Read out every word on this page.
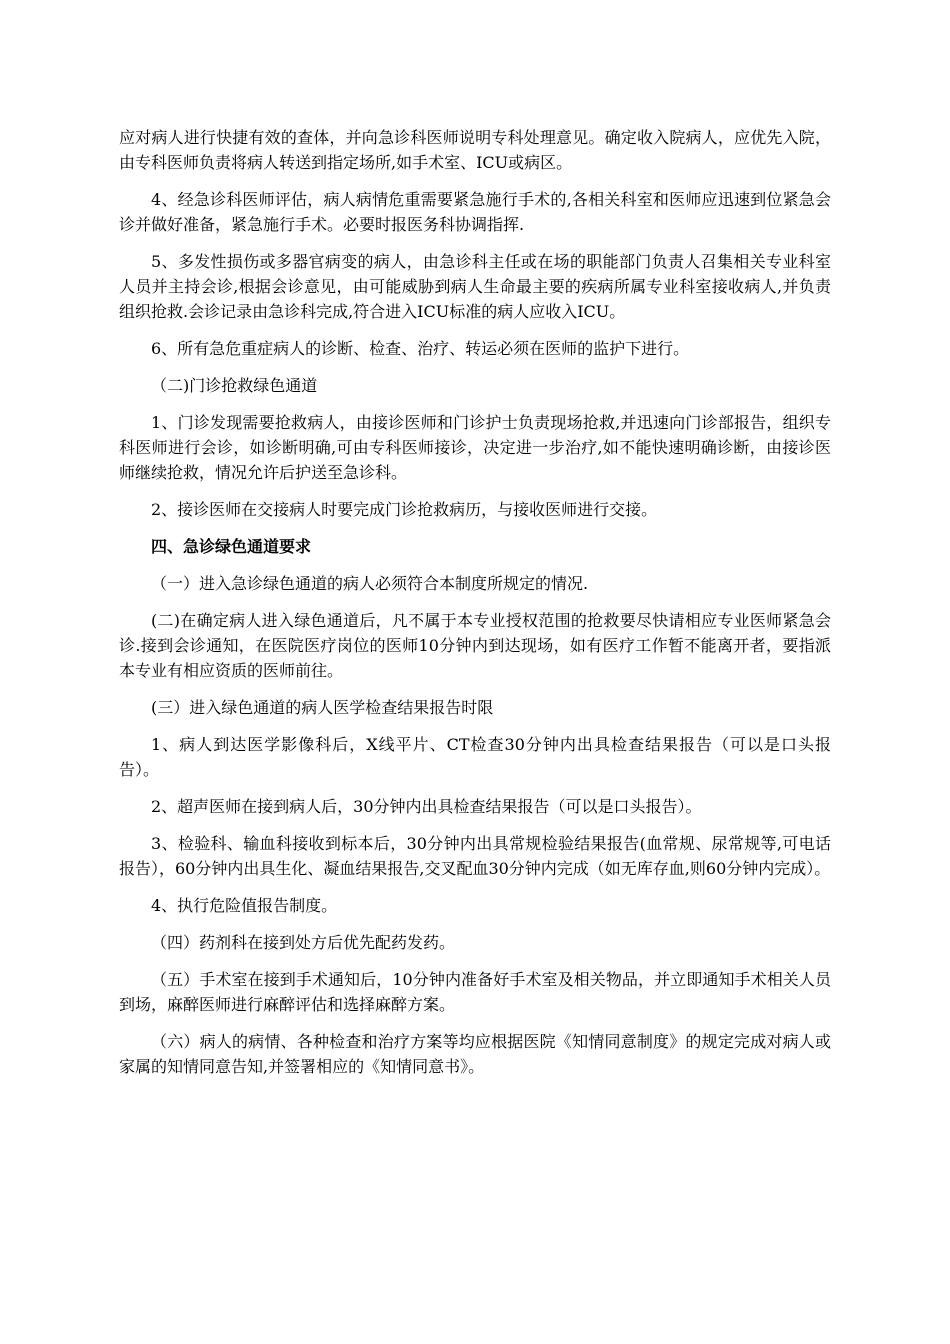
应对病人进行快捷有效的查体，并向急诊科医师说明专科处理意见。确定收入院病人，应优先入院，由专科医师负责将病人转送到指定场所,如手术室、ICU或病区。

4、经急诊科医师评估，病人病情危重需要紧急施行手术的,各相关科室和医师应迅速到位紧急会诊并做好准备，紧急施行手术。必要时报医务科协调指挥.

5、多发性损伤或多器官病变的病人，由急诊科主任或在场的职能部门负责人召集相关专业科室人员并主持会诊,根据会诊意见，由可能威胁到病人生命最主要的疾病所属专业科室接收病人,并负责组织抢救.会诊记录由急诊科完成,符合进入ICU标准的病人应收入ICU。

6、所有急危重症病人的诊断、检查、治疗、转运必须在医师的监护下进行。

（二)门诊抢救绿色通道

1、门诊发现需要抢救病人，由接诊医师和门诊护士负责现场抢救,并迅速向门诊部报告，组织专科医师进行会诊，如诊断明确,可由专科医师接诊，决定进一步治疗,如不能快速明确诊断，由接诊医师继续抢救，情况允许后护送至急诊科。

2、接诊医师在交接病人时要完成门诊抢救病历，与接收医师进行交接。

四、急诊绿色通道要求

（一）进入急诊绿色通道的病人必须符合本制度所规定的情况.

(二)在确定病人进入绿色通道后，凡不属于本专业授权范围的抢救要尽快请相应专业医师紧急会诊.接到会诊通知，在医院医疗岗位的医师10分钟内到达现场，如有医疗工作暂不能离开者，要指派本专业有相应资质的医师前往。

(三）进入绿色通道的病人医学检查结果报告时限

1、病人到达医学影像科后，X线平片、CT检查30分钟内出具检查结果报告（可以是口头报告）。

2、超声医师在接到病人后，30分钟内出具检查结果报告（可以是口头报告）。

3、检验科、输血科接收到标本后，30分钟内出具常规检验结果报告(血常规、尿常规等,可电话报告），60分钟内出具生化、凝血结果报告,交叉配血30分钟内完成（如无库存血,则60分钟内完成）。

4、执行危险值报告制度。

（四）药剂科在接到处方后优先配药发药。

（五）手术室在接到手术通知后，10分钟内准备好手术室及相关物品，并立即通知手术相关人员到场，麻醉医师进行麻醉评估和选择麻醉方案。

（六）病人的病情、各种检查和治疗方案等均应根据医院《知情同意制度》的规定完成对病人或家属的知情同意告知,并签署相应的《知情同意书》。
